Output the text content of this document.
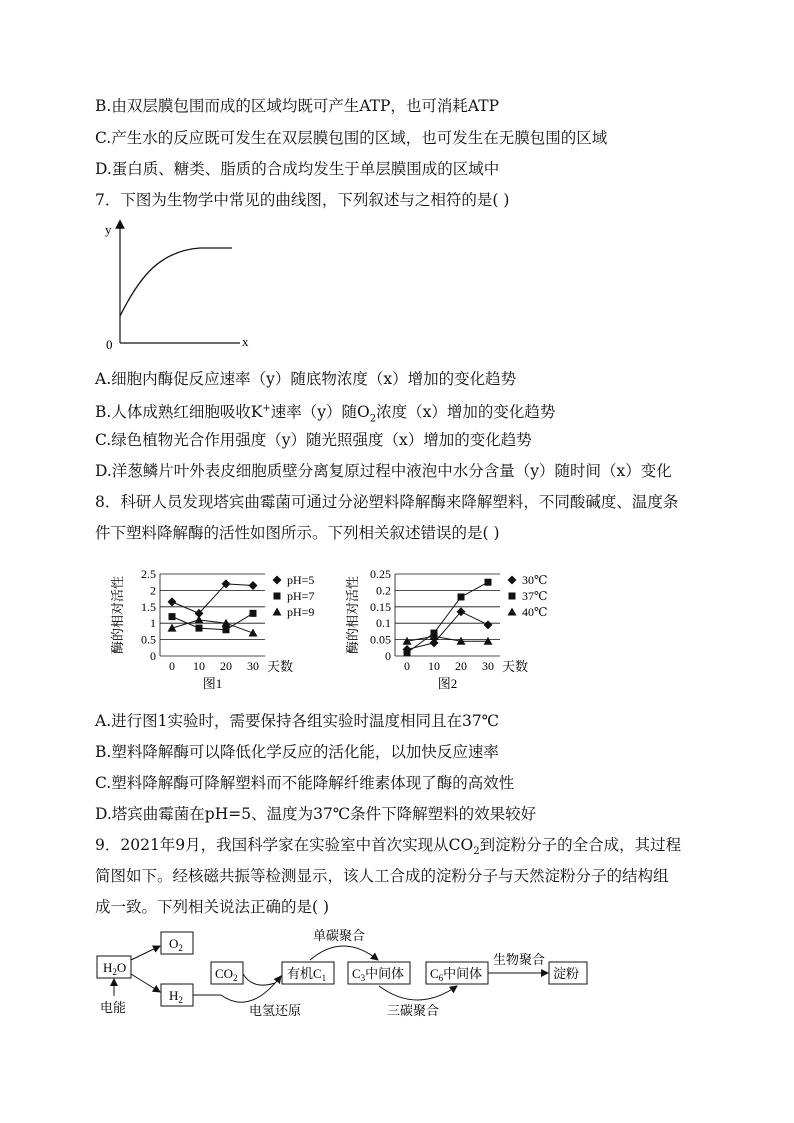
B.由双层膜包围而成的区域均既可产生ATP，也可消耗ATP
C.产生水的反应既可发生在双层膜包围的区域，也可发生在无膜包围的区域
D.蛋白质、糖类、脂质的合成均发生于单层膜围成的区域中
7．下图为生物学中常见的曲线图，下列叙述与之相符的是( )
y
x
0
A.细胞内酶促反应速率（y）随底物浓度（x）增加的变化趋势
B.人体成熟红细胞吸收K+速率（y）随$O_2$浓度（x）增加的变化趋势
C.绿色植物光合作用强度（y）随光照强度（x）增加的变化趋势
D.洋葱鳞片叶外表皮细胞质壁分离复原过程中液泡中水分含量（y）随时间（x）变化
8．科研人员发现塔宾曲霉菌可通过分泌塑料降解酶来降解塑料，不同酸碱度、温度条
件下塑料降解酶的活性如图所示。下列相关叙述错误的是( )
0
0.5
1
1.5
2
2.5
0 10 20 30 天数
酶的相对活性
图1
pH=5
pH=7
pH=9
0
0.05
0.1
0.15
0.2
0.25
0 10 20 30 天数
酶的相对活性
图2
30℃
37℃
40℃
A.进行图1实验时，需要保持各组实验时温度相同且在37℃
B.塑料降解酶可以降低化学反应的活化能，以加快反应速率
C.塑料降解酶可降解塑料而不能降解纤维素体现了酶的高效性
D.塔宾曲霉菌在pH=5、温度为37℃条件下降解塑料的效果较好
9．2021年9月，我国科学家在实验室中首次实现从$CO_2$到淀粉分子的全合成，其过程
简图如下。经核磁共振等检测显示，该人工合成的淀粉分子与天然淀粉分子的结构组
成一致。下列相关说法正确的是( )
$H_2O$
$O_2$
$H_2$
$CO_2$	有机$C_1$ $C_3$中间体 $C_6$中间体	淀粉
电能	电氢还原
单碳聚合
三碳聚合
生物聚合
